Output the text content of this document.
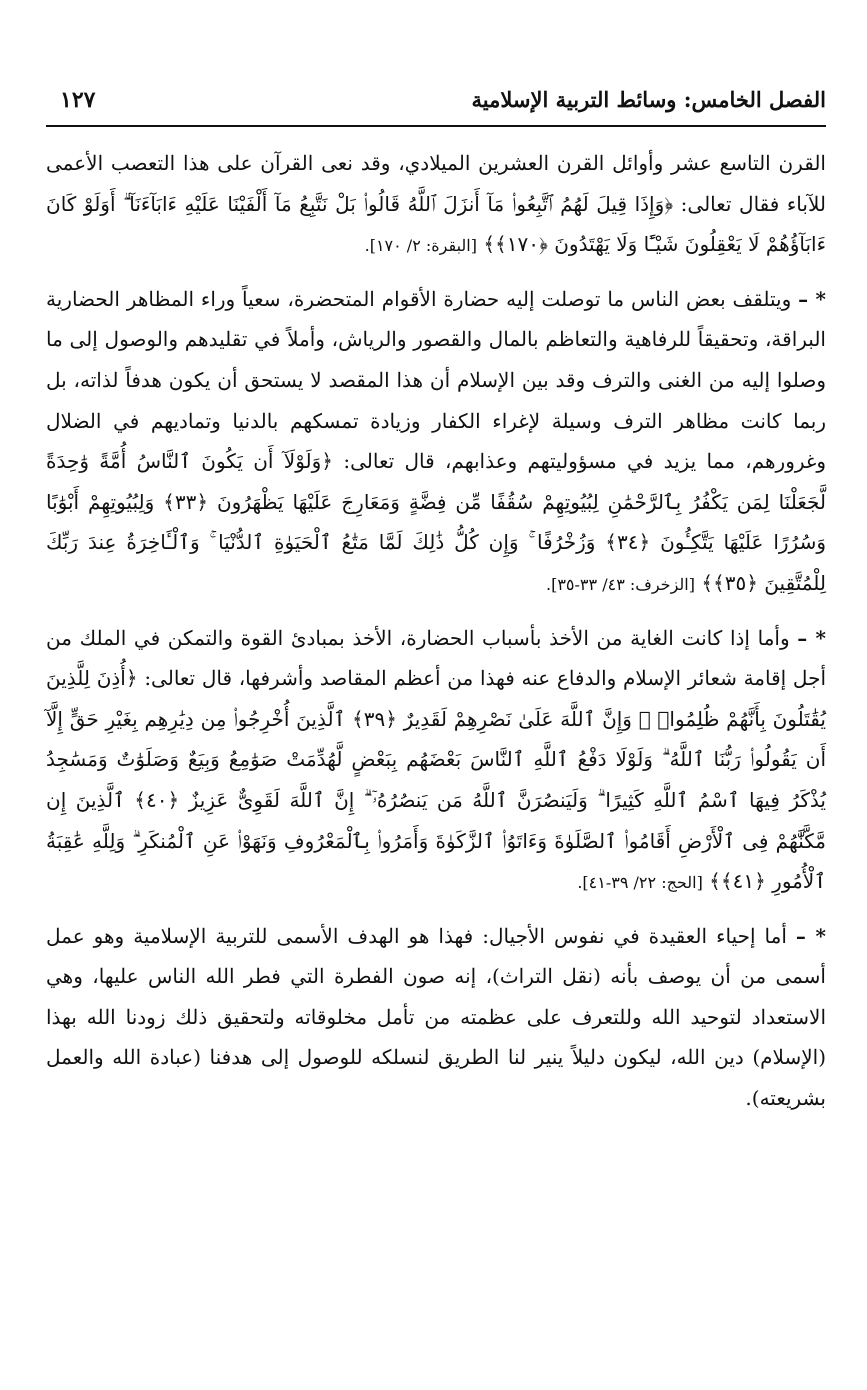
الفصل الخامس: وسائط التربية الإسلامية
١٢٧

القرن التاسع عشر وأوائل القرن العشرين الميلادي، وقد نعى القرآن على هذا التعصب الأعمى للآباء فقال تعالى: ﴿وَإِذَا قِيلَ لَهُمُ ٱتَّبِعُوا۟ مَآ أَنزَلَ ٱللَّهُ قَالُوا۟ بَلْ نَتَّبِعُ مَآ أَلْفَيْنَا عَلَيْهِ ءَابَآءَنَآ ۗ أَوَلَوْ كَانَ ءَابَآؤُهُمْ لَا يَعْقِلُونَ شَيْـًٔا وَلَا يَهْتَدُونَ ﴿١٧٠﴾﴾ [البقرة: ٢/ ١٧٠].

* – ويتلقف بعض الناس ما توصلت إليه حضارة الأقوام المتحضرة، سعياً وراء المظاهر الحضارية البراقة، وتحقيقاً للرفاهية والتعاظم بالمال والقصور والرياش، وأملاً في تقليدهم والوصول إلى ما وصلوا إليه من الغنى والترف وقد بين الإسلام أن هذا المقصد لا يستحق أن يكون هدفاً لذاته، بل ربما كانت مظاهر الترف وسيلة لإغراء الكفار وزيادة تمسكهم بالدنيا وتماديهم في الضلال وغرورهم، مما يزيد في مسؤوليتهم وعذابهم، قال تعالى: ﴿وَلَوْلَآ أَن يَكُونَ ٱلنَّاسُ أُمَّةً وَٰحِدَةً لَّجَعَلْنَا لِمَن يَكْفُرُ بِٱلرَّحْمَٰنِ لِبُيُوتِهِمْ سُقُفًا مِّن فِضَّةٍ وَمَعَارِجَ عَلَيْهَا يَظْهَرُونَ ﴿٣٣﴾ وَلِبُيُوتِهِمْ أَبْوَٰبًا وَسُرُرًا عَلَيْهَا يَتَّكِـُٔونَ ﴿٣٤﴾ وَزُخْرُفًا ۚ وَإِن كُلُّ ذَٰلِكَ لَمَّا مَتَٰعُ ٱلْحَيَوٰةِ ٱلدُّنْيَا ۚ وَٱلْـَٔاخِرَةُ عِندَ رَبِّكَ لِلْمُتَّقِينَ ﴿٣٥﴾﴾ [الزخرف: ٤٣/ ٣٣-٣٥].

* – وأما إذا كانت الغاية من الأخذ بأسباب الحضارة، الأخذ بمبادئ القوة والتمكن في الملك من أجل إقامة شعائر الإسلام والدفاع عنه فهذا من أعظم المقاصد وأشرفها، قال تعالى: ﴿أُذِنَ لِلَّذِينَ يُقَٰتَلُونَ بِأَنَّهُمْ ظُلِمُوا۟ ۚ وَإِنَّ ٱللَّهَ عَلَىٰ نَصْرِهِمْ لَقَدِيرٌ ﴿٣٩﴾ ٱلَّذِينَ أُخْرِجُوا۟ مِن دِيَٰرِهِم بِغَيْرِ حَقٍّ إِلَّآ أَن يَقُولُوا۟ رَبُّنَا ٱللَّهُ ۗ وَلَوْلَا دَفْعُ ٱللَّهِ ٱلنَّاسَ بَعْضَهُم بِبَعْضٍ لَّهُدِّمَتْ صَوَٰمِعُ وَبِيَعٌ وَصَلَوَٰتٌ وَمَسَٰجِدُ يُذْكَرُ فِيهَا ٱسْمُ ٱللَّهِ كَثِيرًا ۗ وَلَيَنصُرَنَّ ٱللَّهُ مَن يَنصُرُهُۥٓ ۗ إِنَّ ٱللَّهَ لَقَوِىٌّ عَزِيزٌ ﴿٤٠﴾ ٱلَّذِينَ إِن مَّكَّنَّٰهُمْ فِى ٱلْأَرْضِ أَقَامُوا۟ ٱلصَّلَوٰةَ وَءَاتَوُا۟ ٱلزَّكَوٰةَ وَأَمَرُوا۟ بِٱلْمَعْرُوفِ وَنَهَوْا۟ عَنِ ٱلْمُنكَرِ ۗ وَلِلَّهِ عَٰقِبَةُ ٱلْأُمُورِ ﴿٤١﴾﴾ [الحج: ٢٢/ ٣٩-٤١].

* – أما إحياء العقيدة في نفوس الأجيال: فهذا هو الهدف الأسمى للتربية الإسلامية وهو عمل أسمى من أن يوصف بأنه (نقل التراث)، إنه صون الفطرة التي فطر الله الناس عليها، وهي الاستعداد لتوحيد الله وللتعرف على عظمته من تأمل مخلوقاته ولتحقيق ذلك زودنا الله بهذا (الإسلام) دين الله، ليكون دليلاً ينير لنا الطريق لنسلكه للوصول إلى هدفنا (عبادة الله والعمل بشريعته).
